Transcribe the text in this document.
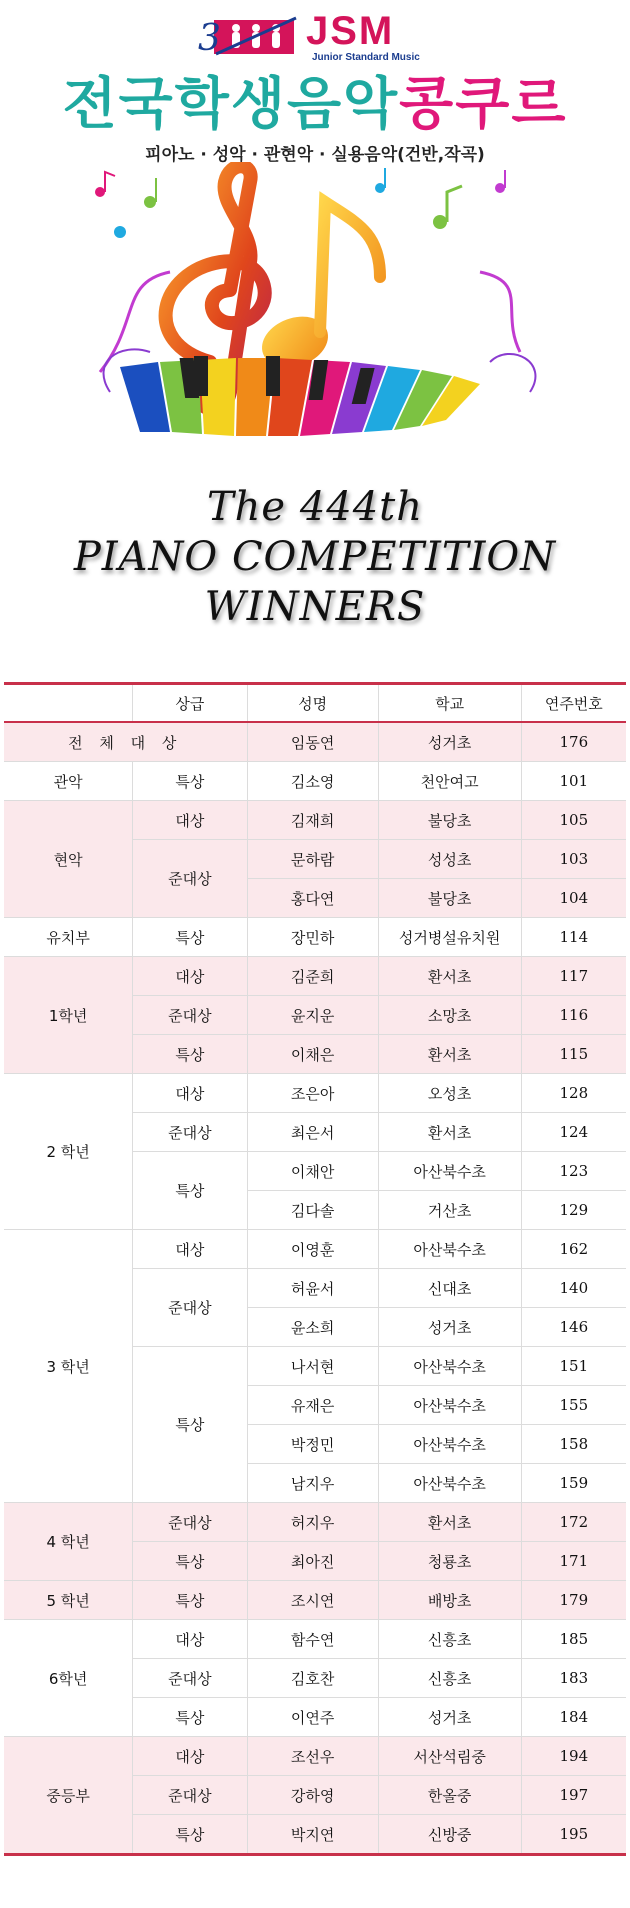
3 JSM
Junior Standard Music
전국학생음악콩쿠르
피아노 · 성악 · 관현악 · 실용음악(건반,작곡)
The 444th
PIANO COMPETITION
WINNERS
	상급	성명	학교	연주번호
전 체 대 상		임동연	성거초	176
관악	특상	김소영	천안여고	101
현악	대상	김재희	불당초	105
	준대상	문하람	성성초	103
		홍다연	불당초	104
유치부	특상	장민하	성거병설유치원	114
1학년	대상	김준희	환서초	117
	준대상	윤지운	소망초	116
	특상	이채은	환서초	115
2 학년	대상	조은아	오성초	128
	준대상	최은서	환서초	124
	특상	이채안	아산북수초	123
		김다솔	거산초	129
3 학년	대상	이영훈	아산북수초	162
	준대상	허윤서	신대초	140
		윤소희	성거초	146
	특상	나서현	아산북수초	151
		유재은	아산북수초	155
		박정민	아산북수초	158
		남지우	아산북수초	159
4 학년	준대상	허지우	환서초	172
	특상	최아진	청룡초	171
5 학년	특상	조시연	배방초	179
6학년	대상	함수연	신흥초	185
	준대상	김호찬	신흥초	183
	특상	이연주	성거초	184
중등부	대상	조선우	서산석림중	194
	준대상	강하영	한올중	197
	특상	박지연	신방중	195
